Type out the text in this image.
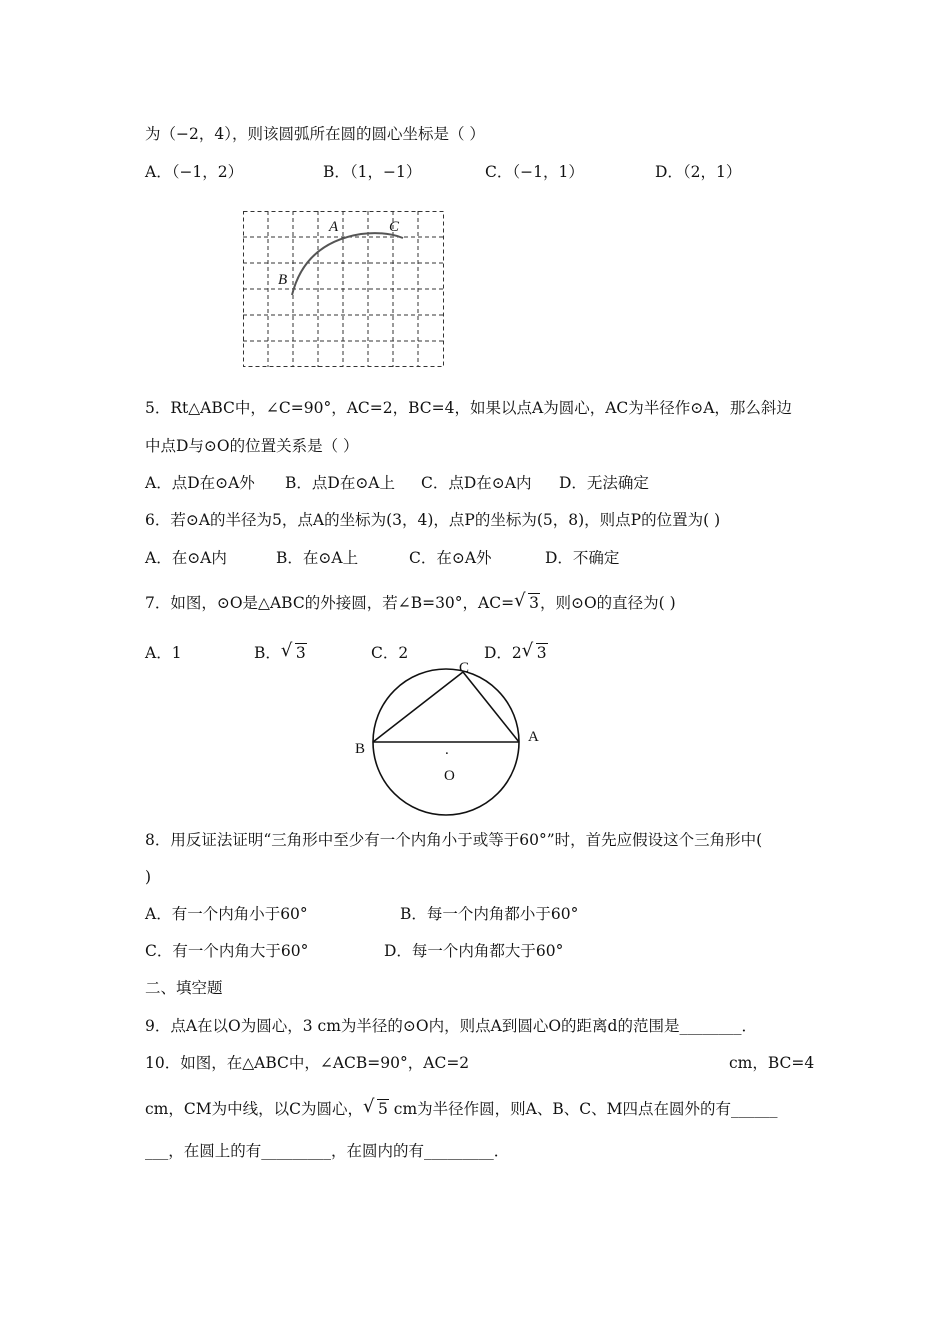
为（−2，4），则该圆弧所在圆的圆心坐标是（ ）
A．（−1，2）	B．（1，−1）	C．（−1，1）	D．（2，1）
A	C
B
5．Rt△ABC中，∠C=90°，AC=2，BC=4，如果以点A为圆心，AC为半径作⊙A，那么斜边
中点D与⊙O的位置关系是（ ）
A．点D在⊙A外 B．点D在⊙A上 C．点D在⊙A内 D．无法确定
6．若⊙A的半径为5，点A的坐标为(3，4)，点P的坐标为(5，8)，则点P的位置为( )
A．在⊙A内	B．在⊙A上	C．在⊙A外	D．不确定
7．如图，⊙O是△ABC的外接圆，若∠B=30°，AC= √ 3，则⊙O的直径为( )
A．1	B． √ 3	C．2	D．2 √ 3
C
B
A
.
O
8．用反证法证明“三角形中至少有一个内角小于或等于60°”时，首先应假设这个三角形中(
)
A．有一个内角小于60°	B．每一个内角都小于60°
C．有一个内角大于60°	D．每一个内角都大于60°
二、填空题
9．点A在以O为圆心，3 cm为半径的⊙O内，则点A到圆心O的距离d的范围是________．
10．如图，在△ABC中，∠ACB=90°，AC=2	cm，BC=4
cm，CM为中线，以C为圆心， √ 5 cm为半径作圆，则A、B、C、M四点在圆外的有______
___，在圆上的有_________，在圆内的有_________．
